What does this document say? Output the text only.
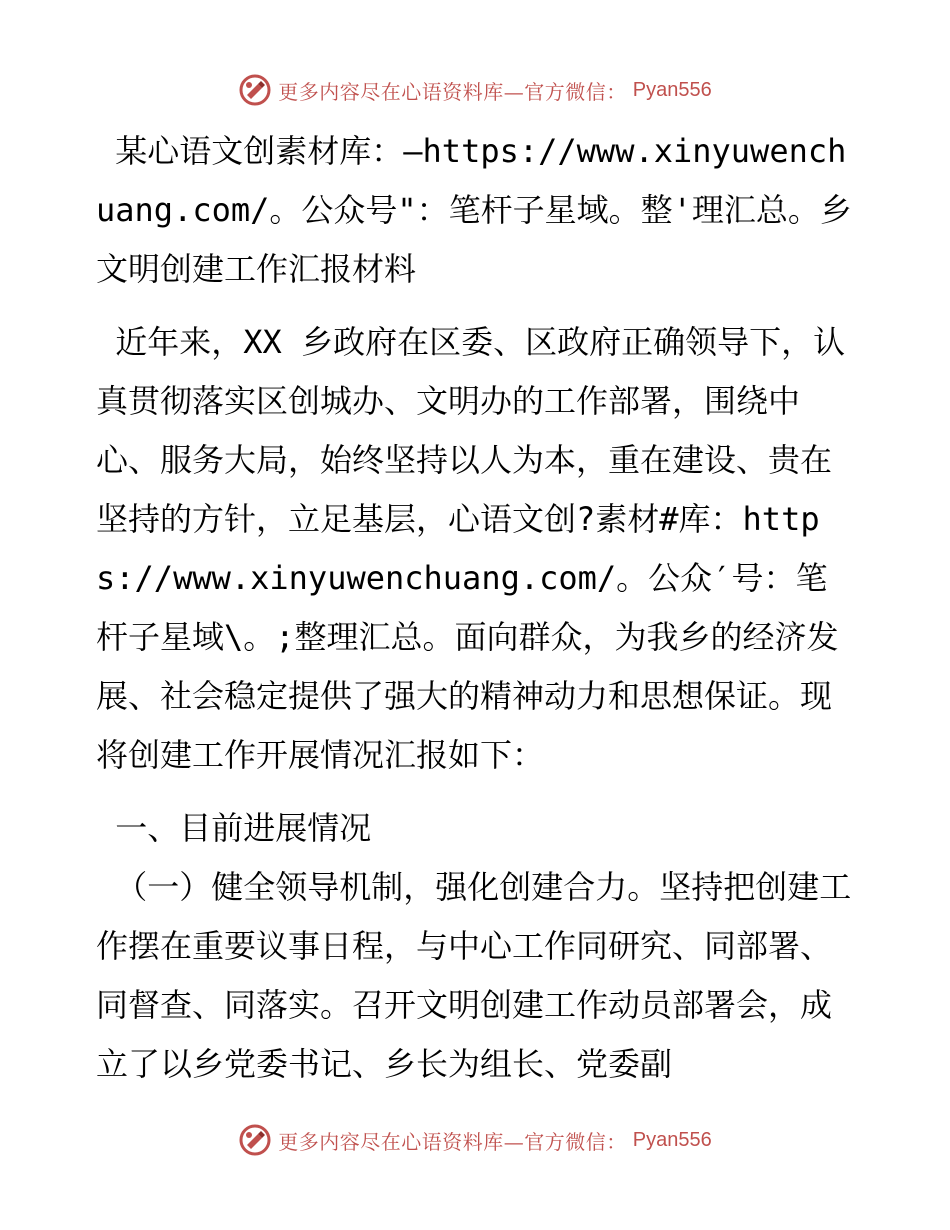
更多内容尽在心语资料库—官方微信： Pyan556

某心语文创素材库：—https://www.xinyuwenchuang.com/。公众号"：笔杆子星域。整'理汇总。乡文明创建工作汇报材料

近年来，XX 乡政府在区委、区政府正确领导下，认真贯彻落实区创城办、文明办的工作部署，围绕中心、服务大局，始终坚持以人为本，重在建设、贵在坚持的方针，立足基层，心语文创?素材#库：https://www.xinyuwenchuang.com/。公众′号：笔杆子星域\。;整理汇总。面向群众，为我乡的经济发展、社会稳定提供了强大的精神动力和思想保证。现将创建工作开展情况汇报如下：

一、目前进展情况

（一）健全领导机制，强化创建合力。坚持把创建工作摆在重要议事日程，与中心工作同研究、同部署、同督查、同落实。召开文明创建工作动员部署会，成立了以乡党委书记、乡长为组长、党委副

更多内容尽在心语资料库—官方微信： Pyan556
